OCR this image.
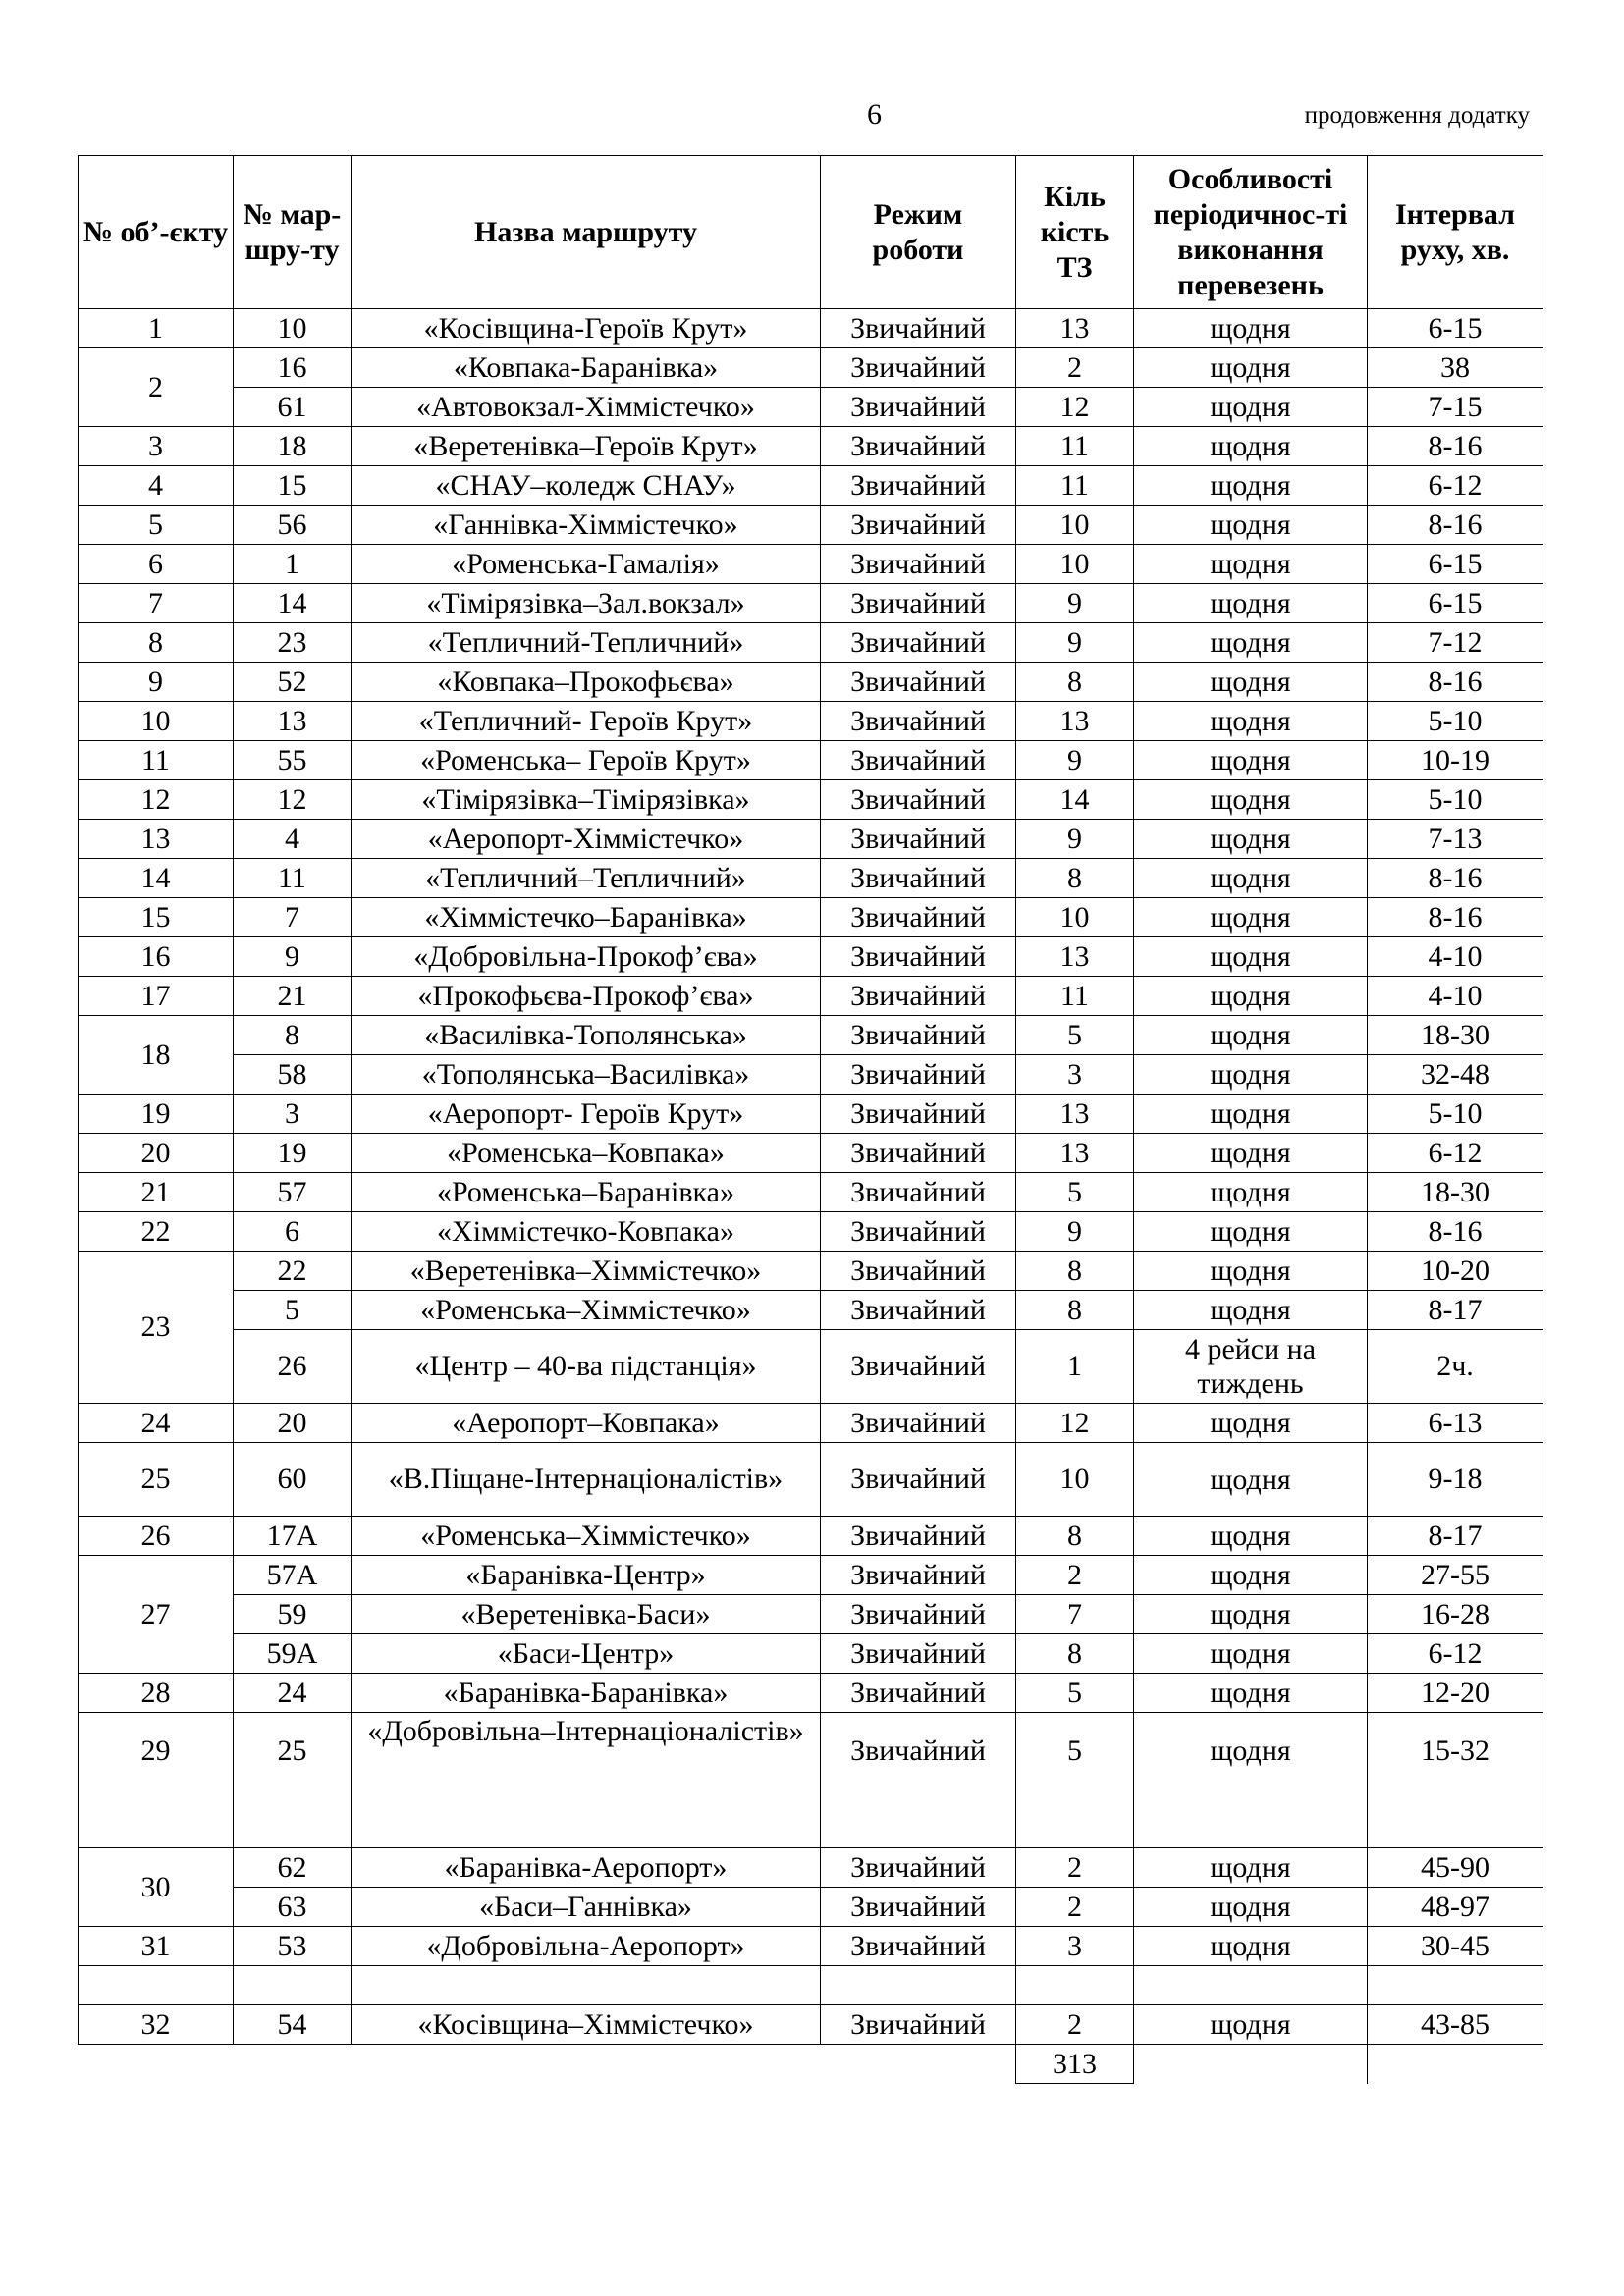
6	продовження додатку
№ об’-єкту	№ мар-шру-ту	Назва маршруту	Режим роботи	Кіль кість ТЗ	Особливості періодичнос-ті виконання перевезень	Інтервал руху, хв.
1	10	«Косівщина-Героїв Крут»	Звичайний	13	щодня	6-15
2	16	«Ковпака-Баранівка»	Звичайний	2	щодня	38
	61	«Автовокзал-Хіммістечко»	Звичайний	12	щодня	7-15
3	18	«Веретенівка–Героїв Крут»	Звичайний	11	щодня	8-16
4	15	«СНАУ–коледж СНАУ»	Звичайний	11	щодня	6-12
5	56	«Ганнівка-Хіммістечко»	Звичайний	10	щодня	8-16
6	1	«Роменська-Гамалія»	Звичайний	10	щодня	6-15
7	14	«Тімірязівка–Зал.вокзал»	Звичайний	9	щодня	6-15
8	23	«Тепличний-Тепличний»	Звичайний	9	щодня	7-12
9	52	«Ковпака–Прокофьєва»	Звичайний	8	щодня	8-16
10	13	«Тепличний- Героїв Крут»	Звичайний	13	щодня	5-10
11	55	«Роменська– Героїв Крут»	Звичайний	9	щодня	10-19
12	12	«Тімірязівка–Тімірязівка»	Звичайний	14	щодня	5-10
13	4	«Аеропорт-Хіммістечко»	Звичайний	9	щодня	7-13
14	11	«Тепличний–Тепличний»	Звичайний	8	щодня	8-16
15	7	«Хіммістечко–Баранівка»	Звичайний	10	щодня	8-16
16	9	«Добровільна-Прокоф’єва»	Звичайний	13	щодня	4-10
17	21	«Прокофьєва-Прокоф’єва»	Звичайний	11	щодня	4-10
18	8	«Василівка-Тополянська»	Звичайний	5	щодня	18-30
	58	«Тополянська–Василівка»	Звичайний	3	щодня	32-48
19	3	«Аеропорт- Героїв Крут»	Звичайний	13	щодня	5-10
20	19	«Роменська–Ковпака»	Звичайний	13	щодня	6-12
21	57	«Роменська–Баранівка»	Звичайний	5	щодня	18-30
22	6	«Хіммістечко-Ковпака»	Звичайний	9	щодня	8-16
23	22	«Веретенівка–Хіммістечко»	Звичайний	8	щодня	10-20
	5	«Роменська–Хіммістечко»	Звичайний	8	щодня	8-17
	26	«Центр – 40-ва підстанція»	Звичайний	1	4 рейси на тиждень	2ч.
24	20	«Аеропорт–Ковпака»	Звичайний	12	щодня	6-13
25	60	«В.Піщане-Інтернаціоналістів»	Звичайний	10	щодня	9-18
26	17А	«Роменська–Хіммістечко»	Звичайний	8	щодня	8-17
27	57А	«Баранівка-Центр»	Звичайний	2	щодня	27-55
	59	«Веретенівка-Баси»	Звичайний	7	щодня	16-28
	59А	«Баси-Центр»	Звичайний	8	щодня	6-12
28	24	«Баранівка-Баранівка»	Звичайний	5	щодня	12-20
29	25	«Добровільна–Інтернаціоналістів»	Звичайний	5	щодня	15-32
30	62	«Баранівка-Аеропорт»	Звичайний	2	щодня	45-90
	63	«Баси–Ганнівка»	Звичайний	2	щодня	48-97
31	53	«Добровільна-Аеропорт»	Звичайний	3	щодня	30-45

32	54	«Косівщина–Хіммістечко»	Звичайний	2	щодня	43-85
				313		
